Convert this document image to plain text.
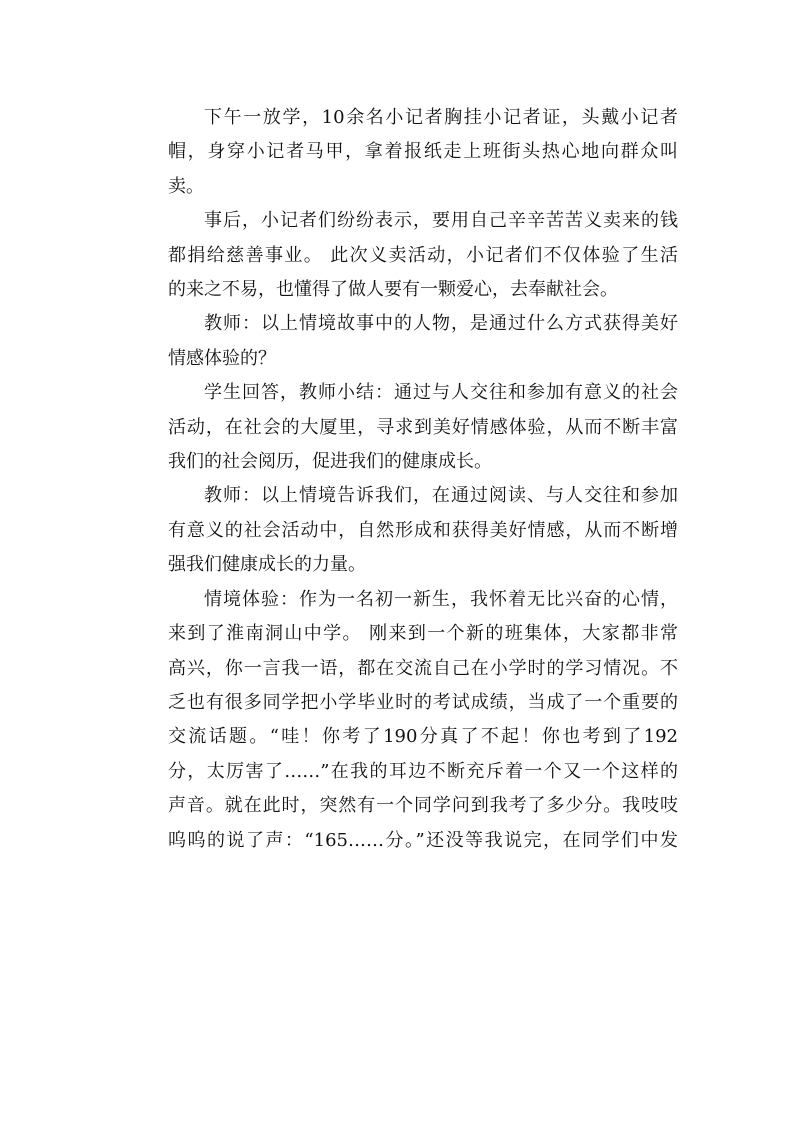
下午一放学，10余名小记者胸挂小记者证，头戴小记者
帽，身穿小记者马甲，拿着报纸走上班街头热心地向群众叫
卖。

事后，小记者们纷纷表示，要用自己辛辛苦苦义卖来的钱
都捐给慈善事业。 此次义卖活动，小记者们不仅体验了生活
的来之不易，也懂得了做人要有一颗爱心，去奉献社会。

教师：以上情境故事中的人物，是通过什么方式获得美好
情感体验的？

学生回答，教师小结：通过与人交往和参加有意义的社会
活动，在社会的大厦里，寻求到美好情感体验，从而不断丰富
我们的社会阅历，促进我们的健康成长。

教师：以上情境告诉我们，在通过阅读、与人交往和参加
有意义的社会活动中，自然形成和获得美好情感，从而不断增
强我们健康成长的力量。

情境体验：作为一名初一新生，我怀着无比兴奋的心情，
来到了淮南洞山中学。 刚来到一个新的班集体，大家都非常
高兴，你一言我一语，都在交流自己在小学时的学习情况。不
乏也有很多同学把小学毕业时的考试成绩，当成了一个重要的
交流话题。“哇！你考了190分真了不起！你也考到了192
分，太厉害了……”在我的耳边不断充斥着一个又一个这样的
声音。就在此时，突然有一个同学问到我考了多少分。我吱吱
呜呜的说了声：“165……分。”还没等我说完，在同学们中发
